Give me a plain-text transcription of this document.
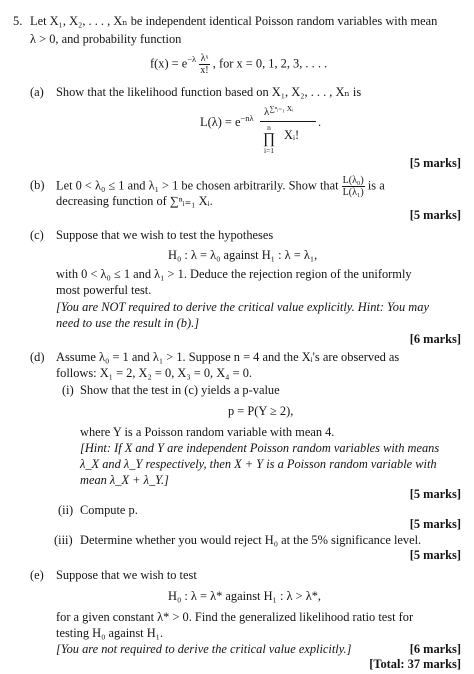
5. Let X₁, X₂, . . . , Xₙ be independent identical Poisson random variables with mean
λ > 0, and probability function
$f(x) = e^{-\lambda} \frac{\text{λˣ}}{x!}$ , for x = 0, 1, 2, 3, . . . .
(a) Show that the likelihood function based on X₁, X₂, . . . , Xₙ is
$L(\lambda) = e^{-n\lambda}$ $\lambda^{\sum^nᵢ_{=1} Xᵢ}$
n
∏
i=1
Xᵢ!
.
[5 marks]
(b) Let 0 < λ₀ ≤ 1 and λ₁ > 1 be chosen arbitrarily. Show that $\frac{\text{L(λ₀)}}{\text{L(λ₁)}}$ is a
decreasing function of ∑ⁿᵢ₌₁ Xᵢ.
[5 marks]
(c) Suppose that we wish to test the hypotheses
H₀ : λ = λ₀ against H₁ : λ = λ₁,
with 0 < λ₀ ≤ 1 and λ₁ > 1. Deduce the rejection region of the uniformly
most powerful test.
[You are NOT required to derive the critical value explicitly. Hint: You may
need to use the result in (b).]
[6 marks]
(d) Assume λ₀ = 1 and λ₁ > 1. Suppose n = 4 and the Xᵢ's are observed as
follows: X₁ = 2, X₂ = 0, X₃ = 0, X₄ = 0.
(i) Show that the test in (c) yields a p-value
p = P(Y ≥ 2),
where Y is a Poisson random variable with mean 4.
[Hint: If X and Y are independent Poisson random variables with means
λ_X and λ_Y respectively, then X + Y is a Poisson random variable with
mean λ_X + λ_Y.]
[5 marks]
(ii) Compute p.
[5 marks]
(iii) Determine whether you would reject H₀ at the 5% significance level.
[5 marks]
(e) Suppose that we wish to test
H₀ : λ = λ* against H₁ : λ > λ*,
for a given constant λ* > 0. Find the generalized likelihood ratio test for
testing H₀ against H₁.
[You are not required to derive the critical value explicitly.]	[6 marks]
[Total: 37 marks]
